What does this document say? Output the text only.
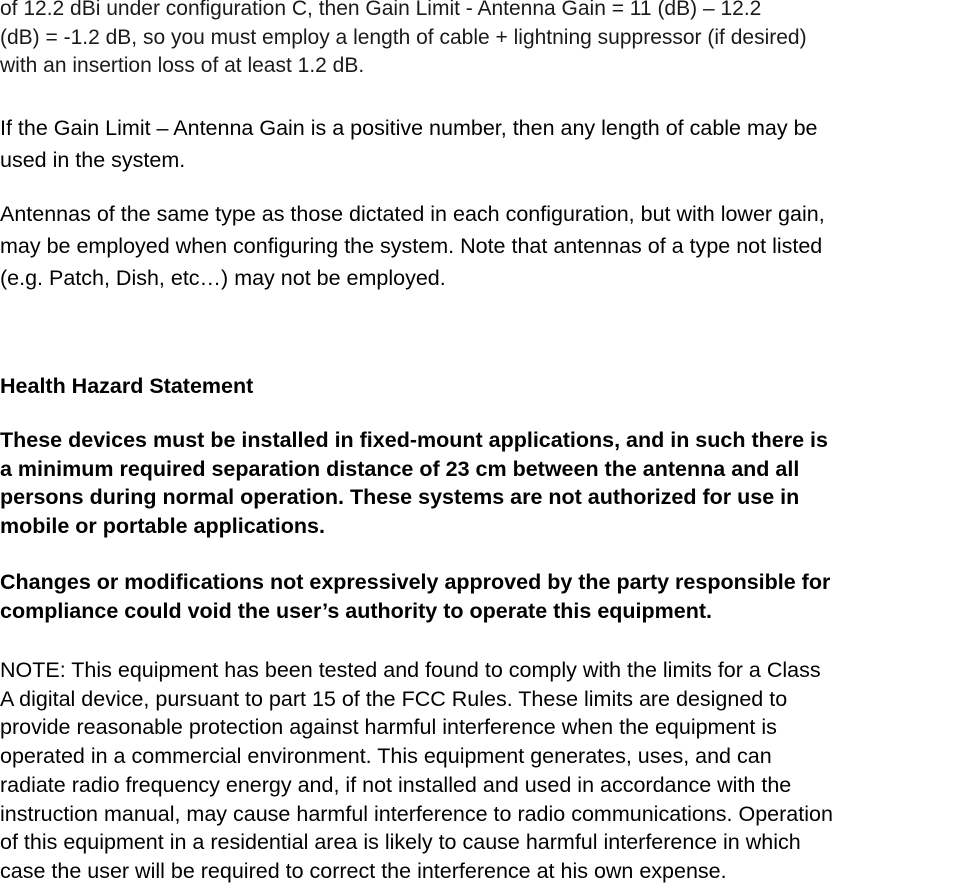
of 12.2 dBi under configuration C, then Gain Limit - Antenna Gain = 11 (dB) – 12.2
(dB) = -1.2 dB, so you must employ a length of cable + lightning suppressor (if desired)
with an insertion loss of at least 1.2 dB.

If the Gain Limit – Antenna Gain is a positive number, then any length of cable may be
used in the system.

Antennas of the same type as those dictated in each configuration, but with lower gain,
may be employed when configuring the system. Note that antennas of a type not listed
(e.g. Patch, Dish, etc…) may not be employed.

Health Hazard Statement

These devices must be installed in fixed-mount applications, and in such there is
a minimum required separation distance of 23 cm between the antenna and all
persons during normal operation. These systems are not authorized for use in
mobile or portable applications.

Changes or modifications not expressively approved by the party responsible for
compliance could void the user’s authority to operate this equipment.

NOTE: This equipment has been tested and found to comply with the limits for a Class
A digital device, pursuant to part 15 of the FCC Rules. These limits are designed to
provide reasonable protection against harmful interference when the equipment is
operated in a commercial environment. This equipment generates, uses, and can
radiate radio frequency energy and, if not installed and used in accordance with the
instruction manual, may cause harmful interference to radio communications. Operation
of this equipment in a residential area is likely to cause harmful interference in which
case the user will be required to correct the interference at his own expense.
